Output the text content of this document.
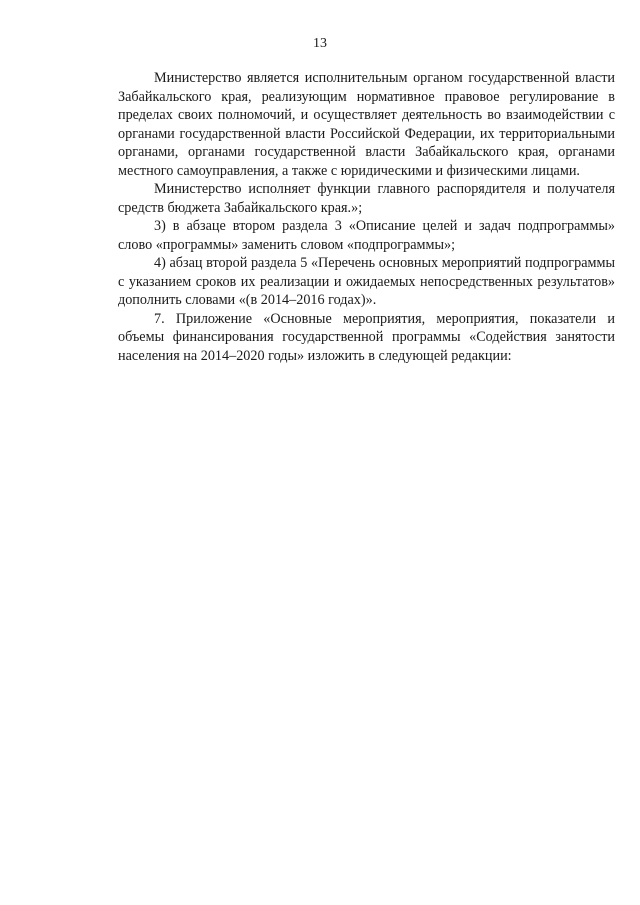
13

Министерство является исполнительным органом государственной власти Забайкальского края, реализующим нормативное правовое регулирование в пределах своих полномочий, и осуществляет деятельность во взаимодействии с органами государственной власти Российской Федерации, их территориальными органами, органами государственной власти Забайкальского края, органами местного самоуправления, а также с юридическими и физическими лицами.

Министерство исполняет функции главного распорядителя и получателя средств бюджета Забайкальского края.»;

3) в абзаце втором раздела 3 «Описание целей и задач подпрограммы» слово «программы» заменить словом «подпрограммы»;

4) абзац второй раздела 5 «Перечень основных мероприятий подпрограммы с указанием сроков их реализации и ожидаемых непосредственных результатов» дополнить словами «(в 2014–2016 годах)».

7. Приложение «Основные мероприятия, мероприятия, показатели и объемы финансирования государственной программы «Содействия занятости населения на 2014–2020 годы» изложить в следующей редакции:
